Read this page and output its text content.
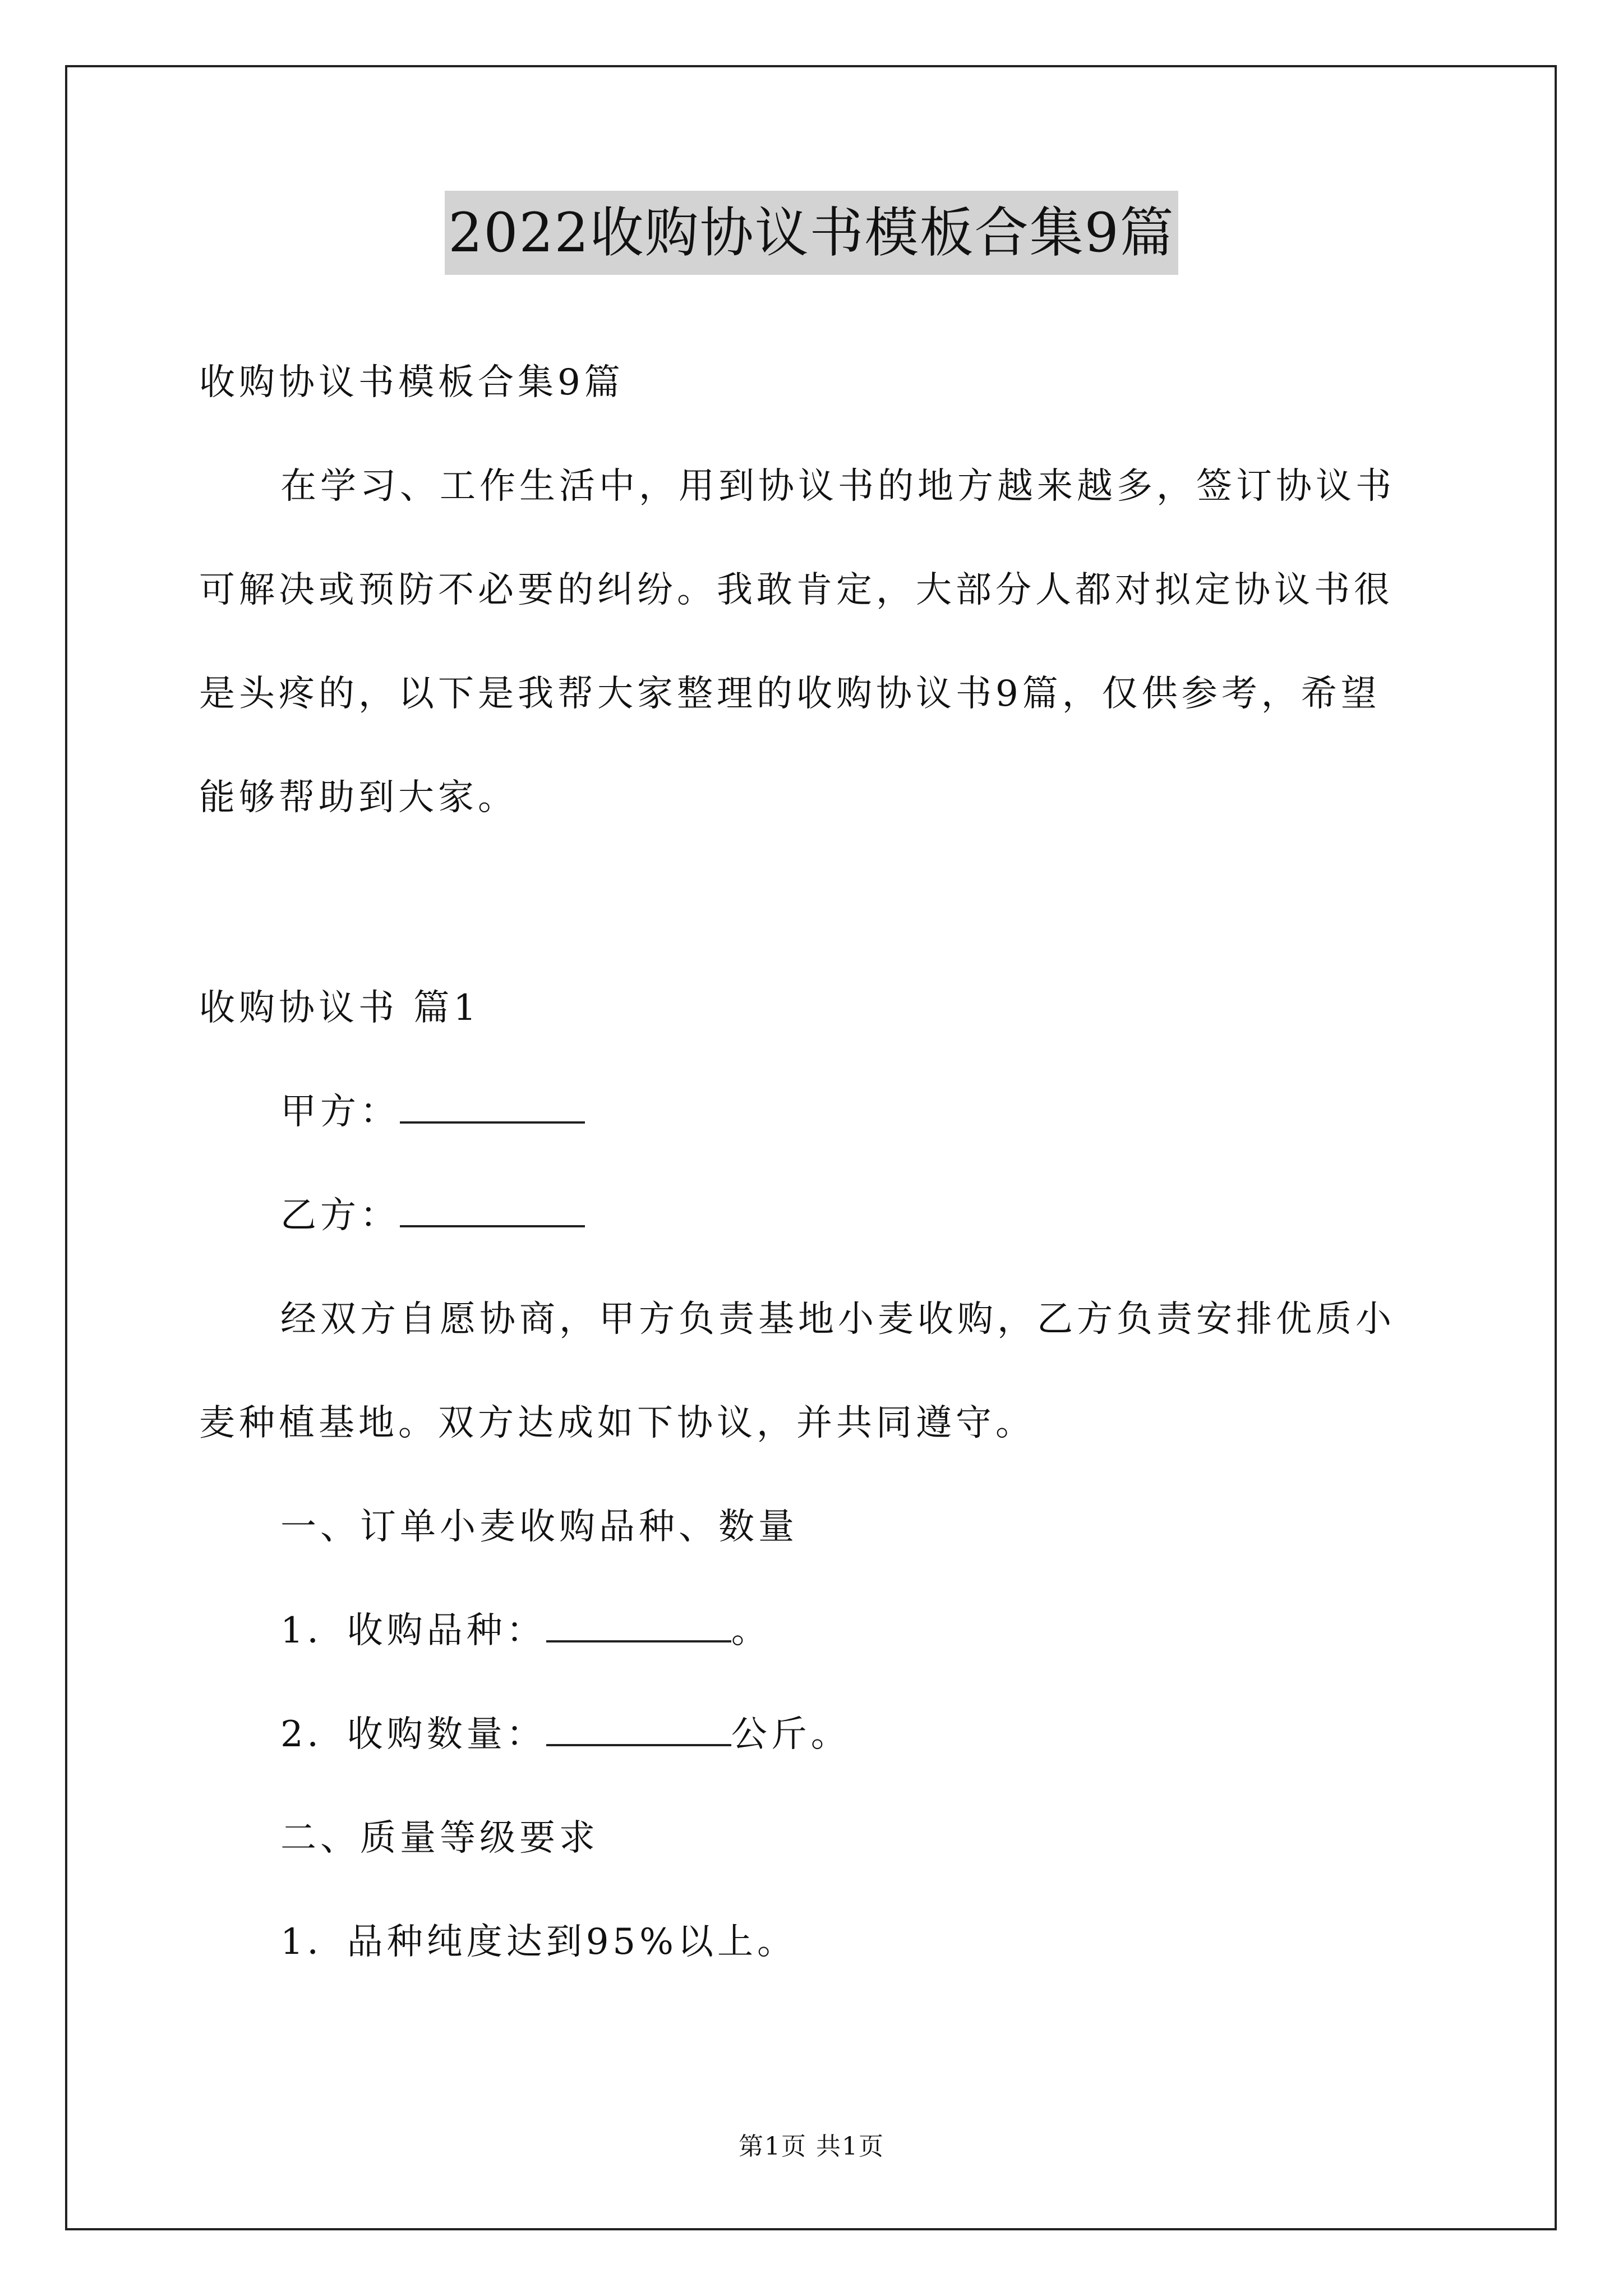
2022收购协议书模板合集9篇

收购协议书模板合集9篇

在学习、工作生活中，用到协议书的地方越来越多，签订协议书

可解决或预防不必要的纠纷。我敢肯定，大部分人都对拟定协议书很

是头疼的，以下是我帮大家整理的收购协议书9篇，仅供参考，希望

能够帮助到大家。

收购协议书 篇1

甲方：

乙方：

经双方自愿协商，甲方负责基地小麦收购，乙方负责安排优质小

麦种植基地。双方达成如下协议，并共同遵守。

一、订单小麦收购品种、数量

1．收购品种：	。

2．收购数量：	公斤。

二、质量等级要求

1．品种纯度达到95%以上。

第1页 共1页
